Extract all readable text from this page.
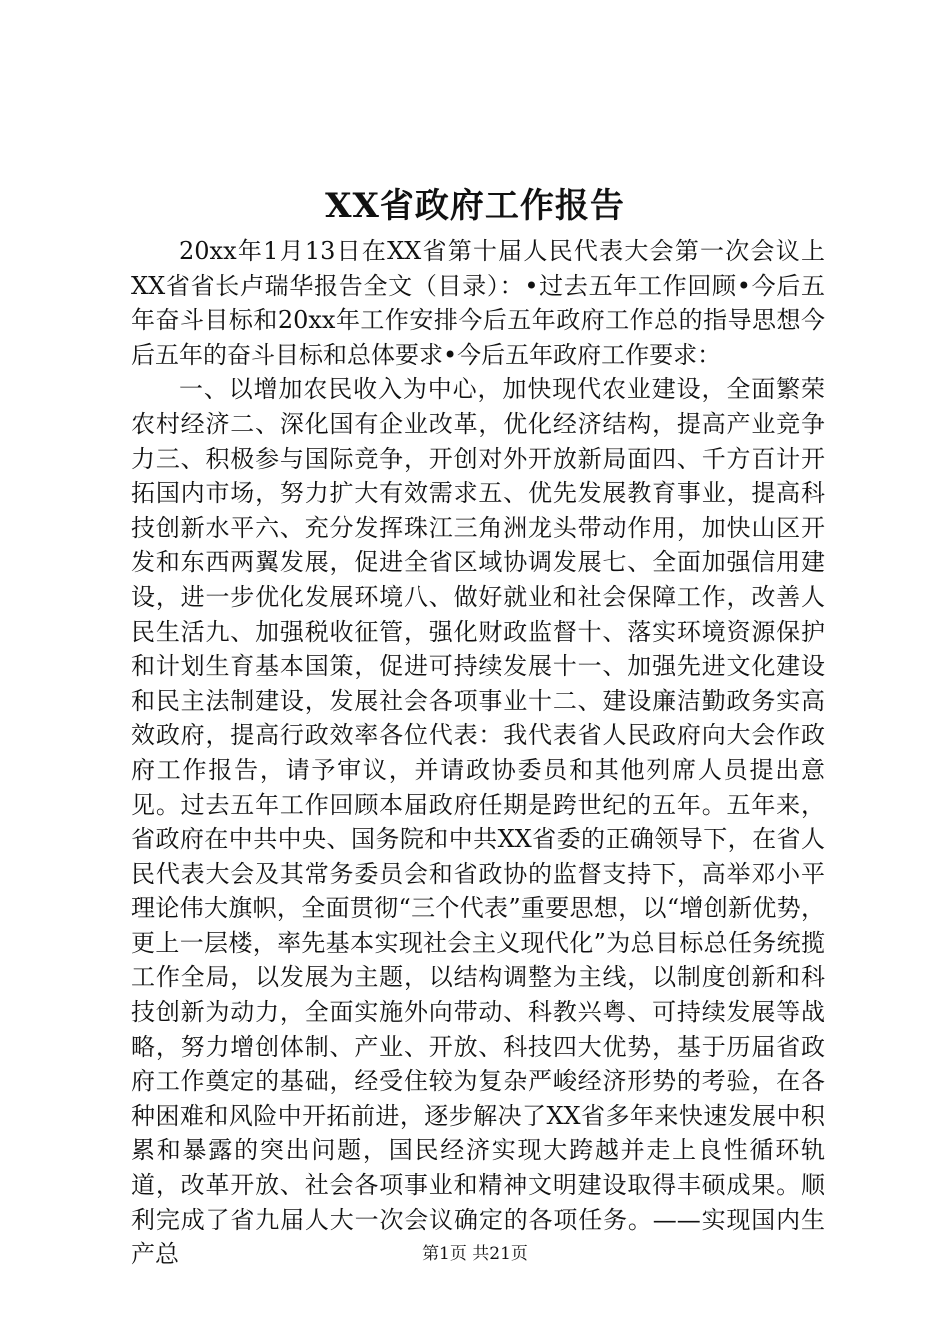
XX省政府工作报告

20xx年1月13日在XX省第十届人民代表大会第一次会议上XX省省长卢瑞华报告全文（目录）：•过去五年工作回顾•今后五年奋斗目标和20xx年工作安排今后五年政府工作总的指导思想今后五年的奋斗目标和总体要求•今后五年政府工作要求：

一、以增加农民收入为中心，加快现代农业建设，全面繁荣农村经济二、深化国有企业改革，优化经济结构，提高产业竞争力三、积极参与国际竞争，开创对外开放新局面四、千方百计开拓国内市场，努力扩大有效需求五、优先发展教育事业，提高科技创新水平六、充分发挥珠江三角洲龙头带动作用，加快山区开发和东西两翼发展，促进全省区域协调发展七、全面加强信用建设，进一步优化发展环境八、做好就业和社会保障工作，改善人民生活九、加强税收征管，强化财政监督十、落实环境资源保护和计划生育基本国策，促进可持续发展十一、加强先进文化建设和民主法制建设，发展社会各项事业十二、建设廉洁勤政务实高效政府，提高行政效率各位代表：我代表省人民政府向大会作政府工作报告，请予审议，并请政协委员和其他列席人员提出意见。过去五年工作回顾本届政府任期是跨世纪的五年。五年来，省政府在中共中央、国务院和中共XX省委的正确领导下，在省人民代表大会及其常务委员会和省政协的监督支持下，高举邓小平理论伟大旗帜，全面贯彻“三个代表”重要思想，以“增创新优势，更上一层楼，率先基本实现社会主义现代化”为总目标总任务统揽工作全局，以发展为主题，以结构调整为主线，以制度创新和科技创新为动力，全面实施外向带动、科教兴粤、可持续发展等战略，努力增创体制、产业、开放、科技四大优势，基于历届省政府工作奠定的基础，经受住较为复杂严峻经济形势的考验，在各种困难和风险中开拓前进，逐步解决了XX省多年来快速发展中积累和暴露的突出问题，国民经济实现大跨越并走上良性循环轨道，改革开放、社会各项事业和精神文明建设取得丰硕成果。顺利完成了省九届人大一次会议确定的各项任务。——实现国内生产总	第1页 共21页
